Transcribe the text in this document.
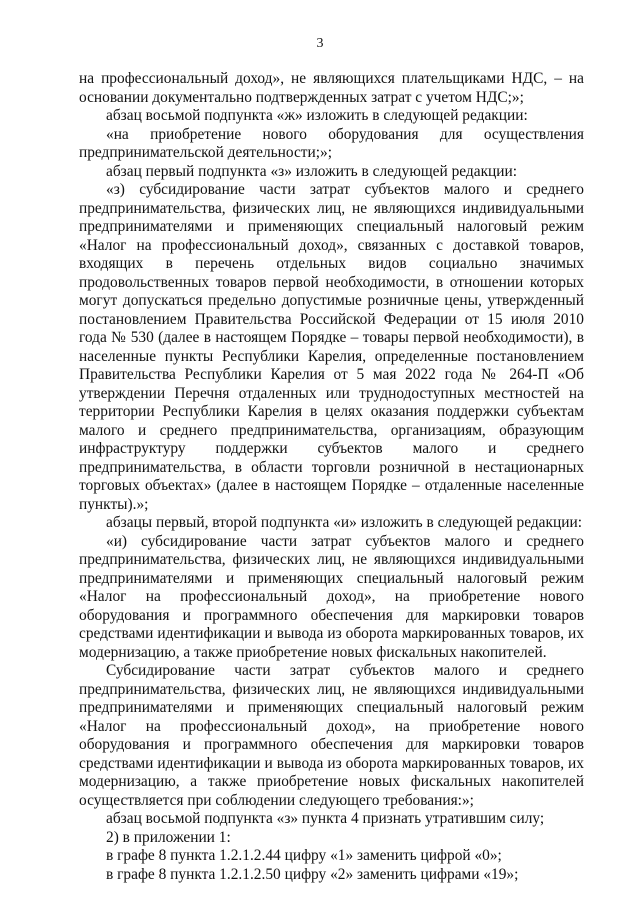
3

на профессиональный доход», не являющихся плательщиками НДС, – на основании документально подтвержденных затрат с учетом НДС;»;

абзац восьмой подпункта «ж» изложить в следующей редакции:

«на приобретение нового оборудования для осуществления предпринимательской деятельности;»;

абзац первый подпункта «з» изложить в следующей редакции:

«з) субсидирование части затрат субъектов малого и среднего предпринимательства, физических лиц, не являющихся индивидуальными предпринимателями и применяющих специальный налоговый режим «Налог на профессиональный доход», связанных с доставкой товаров, входящих в перечень отдельных видов социально значимых продовольственных товаров первой необходимости, в отношении которых могут допускаться предельно допустимые розничные цены, утвержденный постановлением Правительства Российской Федерации от 15 июля 2010 года № 530 (далее в настоящем Порядке – товары первой необходимости), в населенные пункты Республики Карелия, определенные постановлением Правительства Республики Карелия от 5 мая 2022 года № 264-П «Об утверждении Перечня отдаленных или труднодоступных местностей на территории Республики Карелия в целях оказания поддержки субъектам малого и среднего предпринимательства, организациям, образующим инфраструктуру поддержки субъектов малого и среднего предпринимательства, в области торговли розничной в нестационарных торговых объектах» (далее в настоящем Порядке – отдаленные населенные пункты).»;

абзацы первый, второй подпункта «и» изложить в следующей редакции:

«и) субсидирование части затрат субъектов малого и среднего предпринимательства, физических лиц, не являющихся индивидуальными предпринимателями и применяющих специальный налоговый режим «Налог на профессиональный доход», на приобретение нового оборудования и программного обеспечения для маркировки товаров средствами идентификации и вывода из оборота маркированных товаров, их модернизацию, а также приобретение новых фискальных накопителей.

Субсидирование части затрат субъектов малого и среднего предпринимательства, физических лиц, не являющихся индивидуальными предпринимателями и применяющих специальный налоговый режим «Налог на профессиональный доход», на приобретение нового оборудования и программного обеспечения для маркировки товаров средствами идентификации и вывода из оборота маркированных товаров, их модернизацию, а также приобретение новых фискальных накопителей осуществляется при соблюдении следующего требования:»;

абзац восьмой подпункта «з» пункта 4 признать утратившим силу;

2) в приложении 1:

в графе 8 пункта 1.2.1.2.44 цифру «1» заменить цифрой «0»;

в графе 8 пункта 1.2.1.2.50 цифру «2» заменить цифрами «19»;
